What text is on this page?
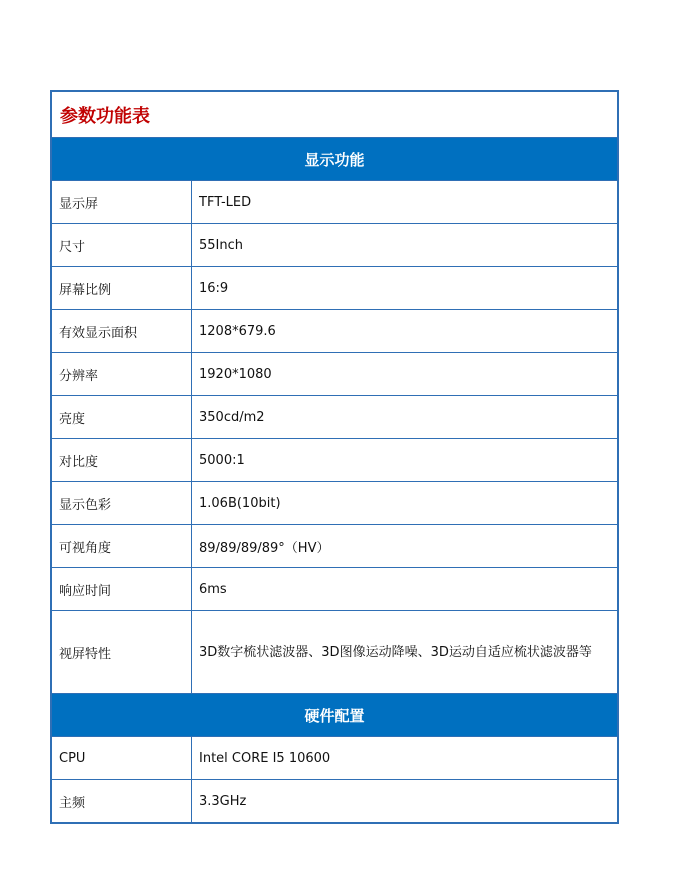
参数功能表
显示功能
显示屏	TFT-LED
尺寸	55Inch
屏幕比例	16:9
有效显示面积	1208*679.6
分辨率	1920*1080
亮度	350cd/m2
对比度	5000:1
显示色彩	1.06B(10bit)
可视角度	89/89/89/89°（HV）
响应时间	6ms
视屏特性	3D数字梳状滤波器、3D图像运动降噪、3D运动自适应梳状滤波器等
硬件配置
CPU	Intel CORE I5 10600
主频	3.3GHz
